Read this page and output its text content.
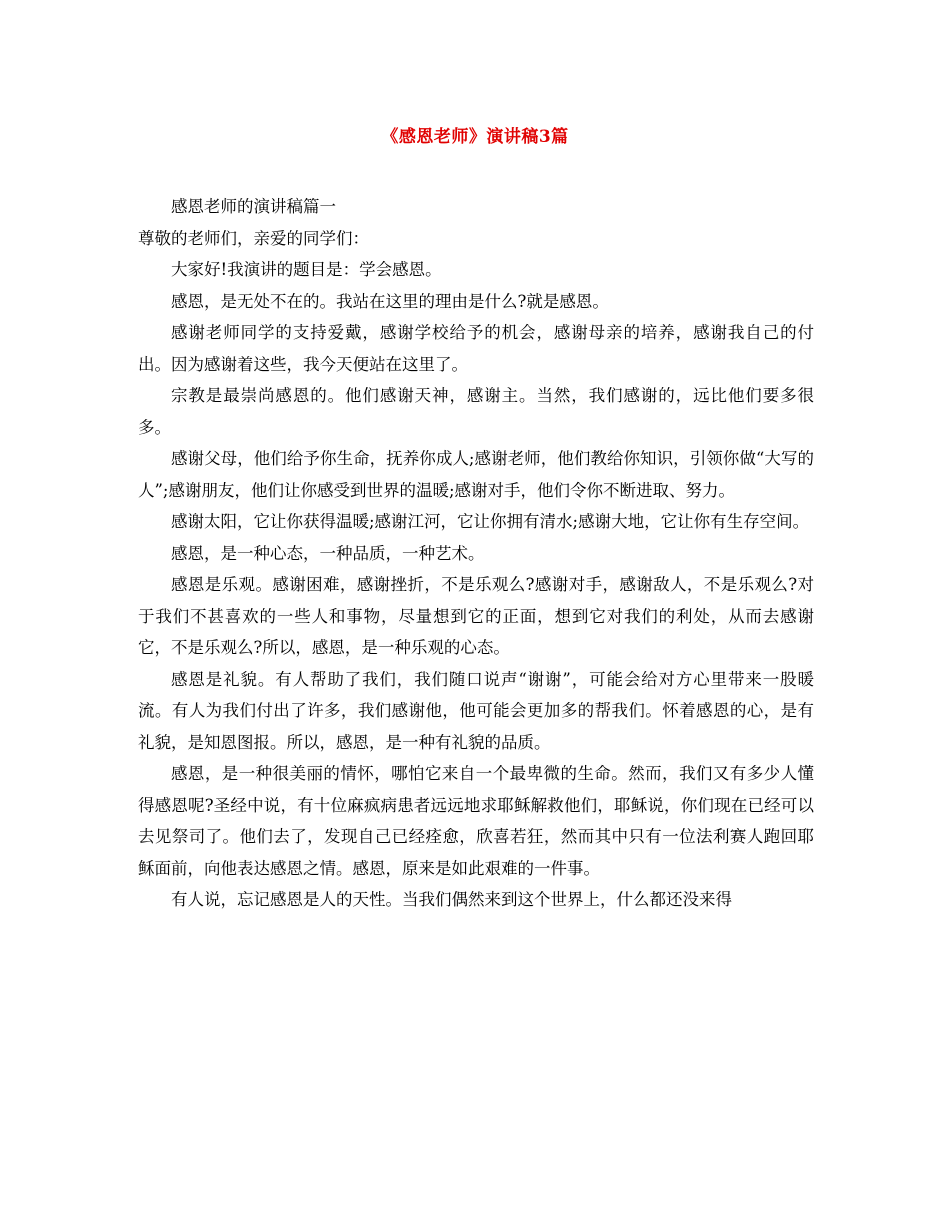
《感恩老师》演讲稿3篇

感恩老师的演讲稿篇一

尊敬的老师们，亲爱的同学们：

大家好!我演讲的题目是：学会感恩。

感恩，是无处不在的。我站在这里的理由是什么?就是感恩。

感谢老师同学的支持爱戴，感谢学校给予的机会，感谢母亲的培养，感谢我自己的付出。因为感谢着这些，我今天便站在这里了。

宗教是最崇尚感恩的。他们感谢天神，感谢主。当然，我们感谢的，远比他们要多很多。

感谢父母，他们给予你生命，抚养你成人;感谢老师，他们教给你知识，引领你做“大写的人”;感谢朋友，他们让你感受到世界的温暖;感谢对手，他们令你不断进取、努力。

感谢太阳，它让你获得温暖;感谢江河，它让你拥有清水;感谢大地，它让你有生存空间。

感恩，是一种心态，一种品质，一种艺术。

感恩是乐观。感谢困难，感谢挫折，不是乐观么?感谢对手，感谢敌人，不是乐观么?对于我们不甚喜欢的一些人和事物，尽量想到它的正面，想到它对我们的利处，从而去感谢它，不是乐观么?所以，感恩，是一种乐观的心态。

感恩是礼貌。有人帮助了我们，我们随口说声“谢谢”，可能会给对方心里带来一股暖流。有人为我们付出了许多，我们感谢他，他可能会更加多的帮我们。怀着感恩的心，是有礼貌，是知恩图报。所以，感恩，是一种有礼貌的品质。

感恩，是一种很美丽的情怀，哪怕它来自一个最卑微的生命。然而，我们又有多少人懂得感恩呢?圣经中说，有十位麻疯病患者远远地求耶稣解救他们，耶稣说，你们现在已经可以去见祭司了。他们去了，发现自己已经痊愈，欣喜若狂，然而其中只有一位法利赛人跑回耶稣面前，向他表达感恩之情。感恩，原来是如此艰难的一件事。

有人说，忘记感恩是人的天性。当我们偶然来到这个世界上，什么都还没来得
